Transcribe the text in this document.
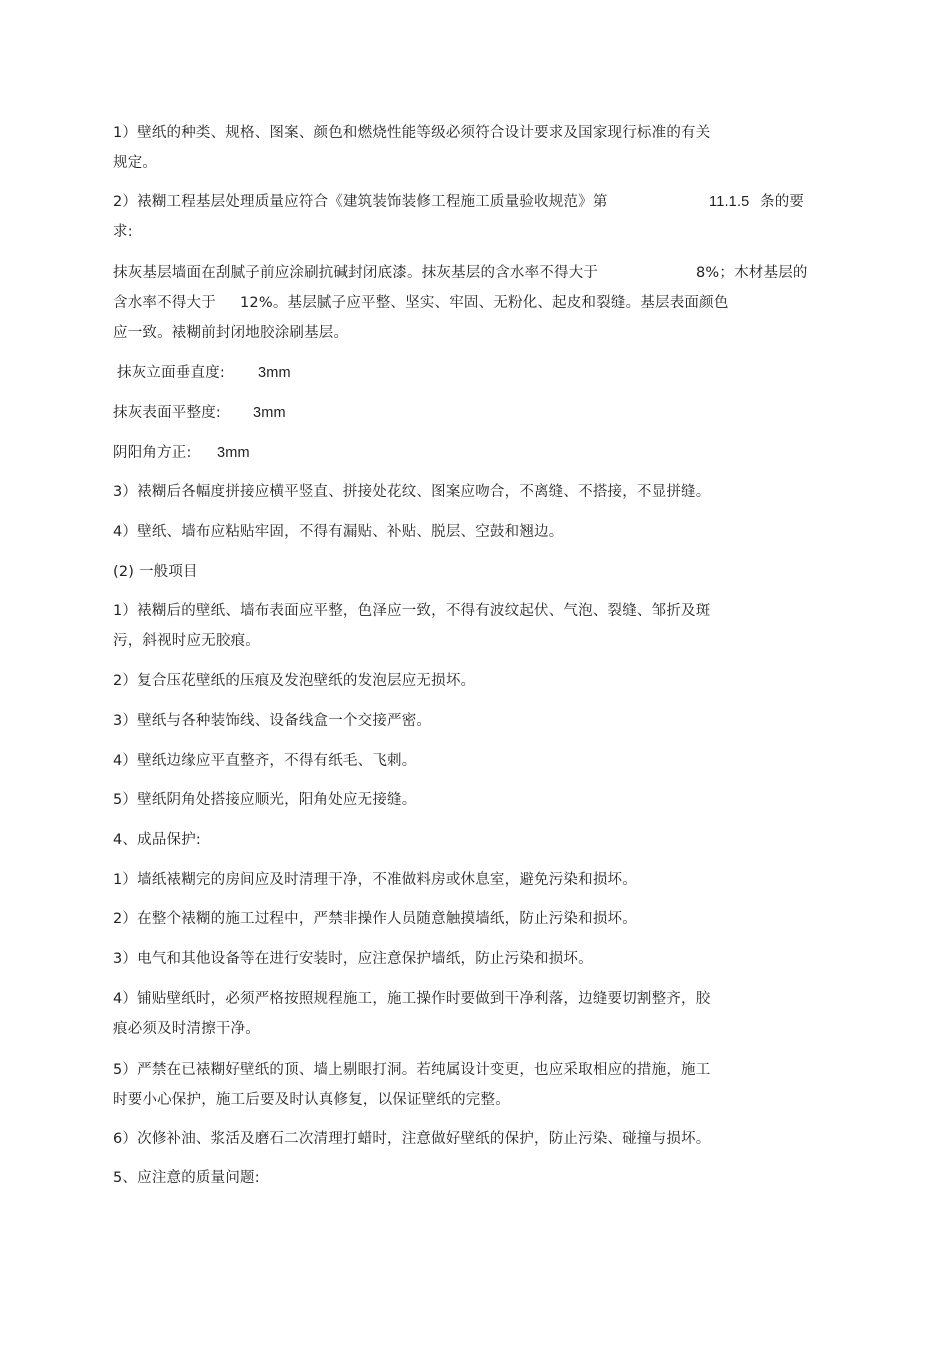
1）壁纸的种类、规格、图案、颜色和燃烧性能等级必须符合设计要求及国家现行标准的有关

规定。

2）裱糊工程基层处理质量应符合《建筑装饰装修工程施工质量验收规范》第	11.1.5 条的要

求:

抹灰基层墙面在刮腻子前应涂刷抗碱封闭底漆。抹灰基层的含水率不得大于	8%；木材基层的

含水率不得大于 12%。基层腻子应平整、坚实、牢固、无粉化、起皮和裂缝。基层表面颜色

应一致。裱糊前封闭地胶涂刷基层。

抹灰立面垂直度: 3mm

抹灰表面平整度: 3mm

阴阳角方正: 3mm

3）裱糊后各幅度拼接应横平竖直、拼接处花纹、图案应吻合，不离缝、不搭接，不显拼缝。

4）壁纸、墙布应粘贴牢固，不得有漏贴、补贴、脱层、空鼓和翘边。

(2) 一般项目

1）裱糊后的壁纸、墙布表面应平整，色泽应一致，不得有波纹起伏、气泡、裂缝、邹折及斑

污，斜视时应无胶痕。

2）复合压花壁纸的压痕及发泡壁纸的发泡层应无损坏。

3）壁纸与各种装饰线、设备线盒一个交接严密。

4）壁纸边缘应平直整齐，不得有纸毛、飞刺。

5）壁纸阴角处搭接应顺光，阳角处应无接缝。

4、成品保护:

1）墙纸裱糊完的房间应及时清理干净，不准做料房或休息室，避免污染和损坏。

2）在整个裱糊的施工过程中，严禁非操作人员随意触摸墙纸，防止污染和损坏。

3）电气和其他设备等在进行安装时，应注意保护墙纸，防止污染和损坏。

4）铺贴壁纸时，必须严格按照规程施工，施工操作时要做到干净利落，边缝要切割整齐，胶

痕必须及时清擦干净。

5）严禁在已裱糊好壁纸的顶、墙上剔眼打洞。若纯属设计变更，也应采取相应的措施，施工

时要小心保护，施工后要及时认真修复，以保证壁纸的完整。

6）次修补油、浆活及磨石二次清理打蜡时，注意做好壁纸的保护，防止污染、碰撞与损坏。

5、应注意的质量问题:
